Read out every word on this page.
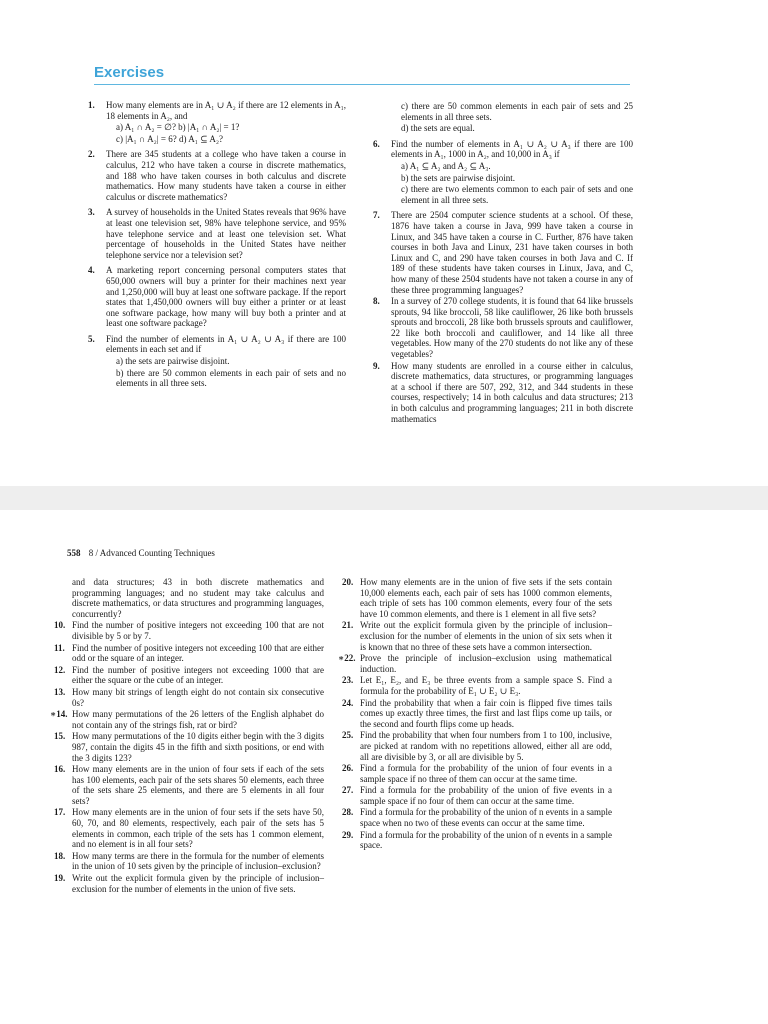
Exercises
1. How many elements are in A₁ ∪ A₂ if there are 12 elements in A₁, 18 elements in A₂, and
a) A₁ ∩ A₂ = ∅? b) |A₁ ∩ A₂| = 1?
c) |A₁ ∩ A₂| = 6? d) A₁ ⊆ A₂?
2. There are 345 students at a college who have taken a course in calculus, 212 who have taken a course in discrete mathematics, and 188 who have taken courses in both calculus and discrete mathematics. How many students have taken a course in either calculus or discrete mathematics?
3. A survey of households in the United States reveals that 96% have at least one television set, 98% have telephone service, and 95% have telephone service and at least one television set. What percentage of households in the United States have neither telephone service nor a television set?
4. A marketing report concerning personal computers states that 650,000 owners will buy a printer for their machines next year and 1,250,000 will buy at least one software package. If the report states that 1,450,000 owners will buy either a printer or at least one software package, how many will buy both a printer and at least one software package?
5. Find the number of elements in A₁ ∪ A₂ ∪ A₃ if there are 100 elements in each set and if
a) the sets are pairwise disjoint.
b) there are 50 common elements in each pair of sets and no elements in all three sets.
c) there are 50 common elements in each pair of sets and 25 elements in all three sets.
d) the sets are equal.
6. Find the number of elements in A₁ ∪ A₂ ∪ A₃ if there are 100 elements in A₁, 1000 in A₂, and 10,000 in A₃ if
a) A₁ ⊆ A₂ and A₂ ⊆ A₃.
b) the sets are pairwise disjoint.
c) there are two elements common to each pair of sets and one element in all three sets.
7. There are 2504 computer science students at a school. Of these, 1876 have taken a course in Java, 999 have taken a course in Linux, and 345 have taken a course in C. Further, 876 have taken courses in both Java and Linux, 231 have taken courses in both Linux and C, and 290 have taken courses in both Java and C. If 189 of these students have taken courses in Linux, Java, and C, how many of these 2504 students have not taken a course in any of these three programming languages?
8. In a survey of 270 college students, it is found that 64 like brussels sprouts, 94 like broccoli, 58 like cauliflower, 26 like both brussels sprouts and broccoli, 28 like both brussels sprouts and cauliflower, 22 like both broccoli and cauliflower, and 14 like all three vegetables. How many of the 270 students do not like any of these vegetables?
9. How many students are enrolled in a course either in calculus, discrete mathematics, data structures, or programming languages at a school if there are 507, 292, 312, and 344 students in these courses, respectively; 14 in both calculus and data structures; 213 in both calculus and programming languages; 211 in both discrete mathematics
558 8 / Advanced Counting Techniques
and data structures; 43 in both discrete mathematics and programming languages; and no student may take calculus and discrete mathematics, or data structures and programming languages, concurrently?
10. Find the number of positive integers not exceeding 100 that are not divisible by 5 or by 7.
11. Find the number of positive integers not exceeding 100 that are either odd or the square of an integer.
12. Find the number of positive integers not exceeding 1000 that are either the square or the cube of an integer.
13. How many bit strings of length eight do not contain six consecutive 0s?
∗14. How many permutations of the 26 letters of the English alphabet do not contain any of the strings fish, rat or bird?
15. How many permutations of the 10 digits either begin with the 3 digits 987, contain the digits 45 in the fifth and sixth positions, or end with the 3 digits 123?
16. How many elements are in the union of four sets if each of the sets has 100 elements, each pair of the sets shares 50 elements, each three of the sets share 25 elements, and there are 5 elements in all four sets?
17. How many elements are in the union of four sets if the sets have 50, 60, 70, and 80 elements, respectively, each pair of the sets has 5 elements in common, each triple of the sets has 1 common element, and no element is in all four sets?
18. How many terms are there in the formula for the number of elements in the union of 10 sets given by the principle of inclusion–exclusion?
19. Write out the explicit formula given by the principle of inclusion–exclusion for the number of elements in the union of five sets.
20. How many elements are in the union of five sets if the sets contain 10,000 elements each, each pair of sets has 1000 common elements, each triple of sets has 100 common elements, every four of the sets have 10 common elements, and there is 1 element in all five sets?
21. Write out the explicit formula given by the principle of inclusion–exclusion for the number of elements in the union of six sets when it is known that no three of these sets have a common intersection.
∗22. Prove the principle of inclusion–exclusion using mathematical induction.
23. Let E₁, E₂, and E₃ be three events from a sample space S. Find a formula for the probability of E₁ ∪ E₂ ∪ E₃.
24. Find the probability that when a fair coin is flipped five times tails comes up exactly three times, the first and last flips come up tails, or the second and fourth flips come up heads.
25. Find the probability that when four numbers from 1 to 100, inclusive, are picked at random with no repetitions allowed, either all are odd, all are divisible by 3, or all are divisible by 5.
26. Find a formula for the probability of the union of four events in a sample space if no three of them can occur at the same time.
27. Find a formula for the probability of the union of five events in a sample space if no four of them can occur at the same time.
28. Find a formula for the probability of the union of n events in a sample space when no two of these events can occur at the same time.
29. Find a formula for the probability of the union of n events in a sample space.
